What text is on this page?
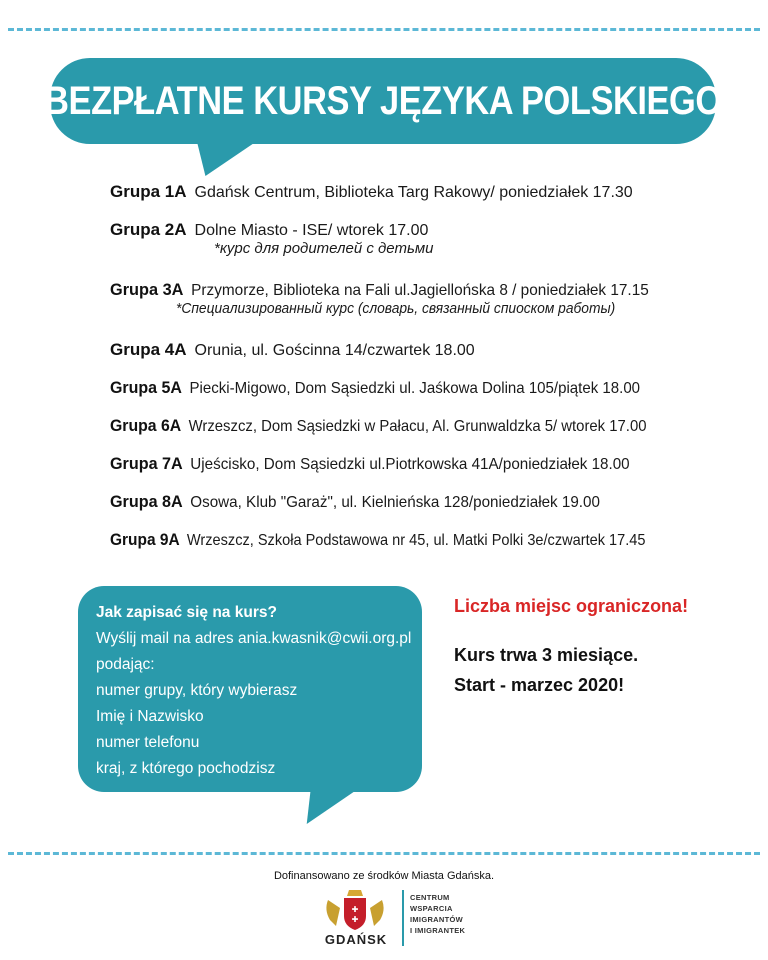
BEZPŁATNE KURSY JĘZYKA POLSKIEGO
Grupa 1A Gdańsk Centrum, Biblioteka Targ Rakowy/ poniedziałek 17.30
Grupa 2A Dolne Miasto - ISE/ wtorek 17.00
*курс для родителей с детьми
Grupa 3A Przymorze, Biblioteka na Fali ul.Jagiellońska 8 / poniedziałek 17.15
*Специализированный курс (словарь, связанный спиоском работы)
Grupa 4A Orunia, ul. Gościnna 14/czwartek 18.00
Grupa 5A Piecki-Migowo, Dom Sąsiedzki ul. Jaśkowa Dolina 105/piątek 18.00
Grupa 6A Wrzeszcz, Dom Sąsiedzki w Pałacu, Al. Grunwaldzka 5/ wtorek 17.00
Grupa 7A Ujeścisko, Dom Sąsiedzki ul.Piotrkowska 41A/poniedziałek 18.00
Grupa 8A Osowa, Klub "Garaż", ul. Kielnieńska 128/poniedziałek 19.00
Grupa 9A Wrzeszcz, Szkoła Podstawowa nr 45, ul. Matki Polki 3e/czwartek 17.45
Jak zapisać się na kurs?
Wyślij mail na adres ania.kwasnik@cwii.org.pl
podając:
numer grupy, który wybierasz
Imię i Nazwisko
numer telefonu
kraj, z którego pochodzisz
Liczba miejsc ograniczona!
Kurs trwa 3 miesiące.
Start - marzec 2020!
Dofinansowano ze środków Miasta Gdańska.
✚
✚
GDAŃSK
CENTRUM
WSPARCIA
IMIGRANTÓW
I IMIGRANTEK
